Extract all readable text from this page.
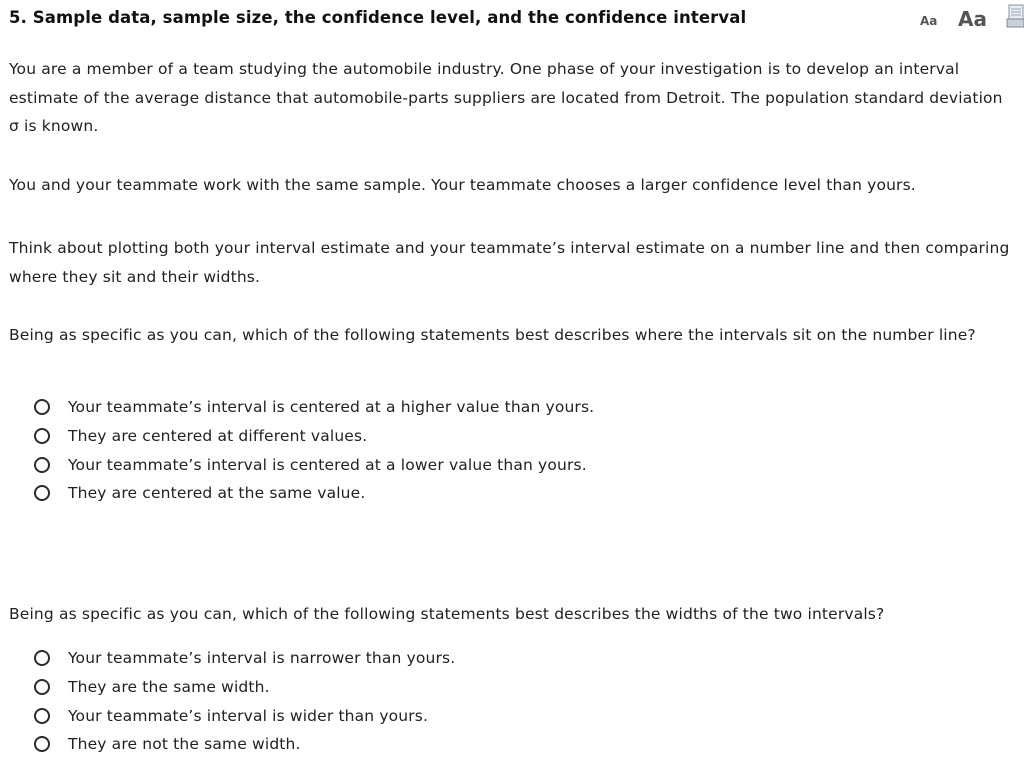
5. Sample data, sample size, the confidence level, and the confidence interval	Aa Aa
You are a member of a team studying the automobile industry. One phase of your investigation is to develop an interval estimate of the average distance that automobile-parts suppliers are located from Detroit. The population standard deviation σ is known.
You and your teammate work with the same sample. Your teammate chooses a larger confidence level than yours.
Think about plotting both your interval estimate and your teammate’s interval estimate on a number line and then comparing where they sit and their widths.
Being as specific as you can, which of the following statements best describes where the intervals sit on the number line?
Your teammate’s interval is centered at a higher value than yours.
They are centered at different values.
Your teammate’s interval is centered at a lower value than yours.
They are centered at the same value.
Being as specific as you can, which of the following statements best describes the widths of the two intervals?
Your teammate’s interval is narrower than yours.
They are the same width.
Your teammate’s interval is wider than yours.
They are not the same width.
